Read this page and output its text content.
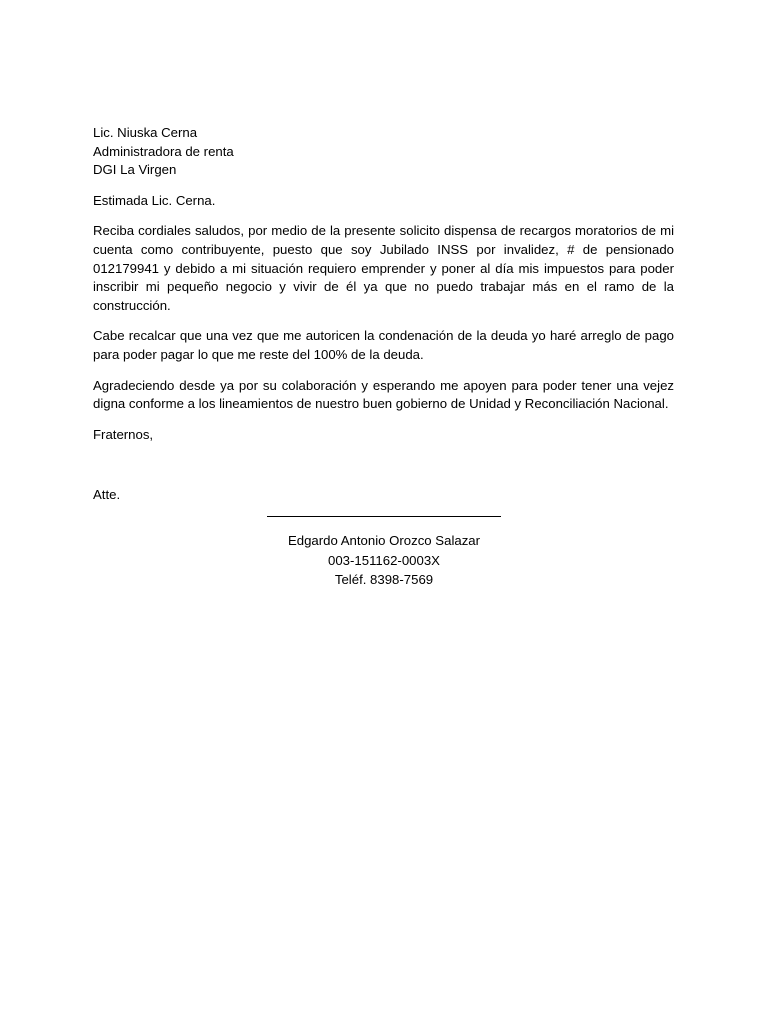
Lic. Niuska Cerna
Administradora de renta
DGI La Virgen
Estimada Lic. Cerna.
Reciba cordiales saludos, por medio de la presente solicito dispensa de recargos moratorios de mi cuenta como contribuyente, puesto que soy Jubilado INSS por invalidez, # de pensionado 012179941 y debido a mi situación requiero emprender y poner al día mis impuestos para poder inscribir mi pequeño negocio y vivir de él ya que no puedo trabajar más en el ramo de la construcción.
Cabe recalcar que una vez que me autoricen la condenación de la deuda yo haré arreglo de pago para poder pagar lo que me reste del 100% de la deuda.
Agradeciendo desde ya por su colaboración y esperando me apoyen para poder tener una vejez digna conforme a los lineamientos de nuestro buen gobierno de Unidad y Reconciliación Nacional.
Fraternos,
Atte.
Edgardo Antonio Orozco Salazar
003-151162-0003X
Teléf. 8398-7569
